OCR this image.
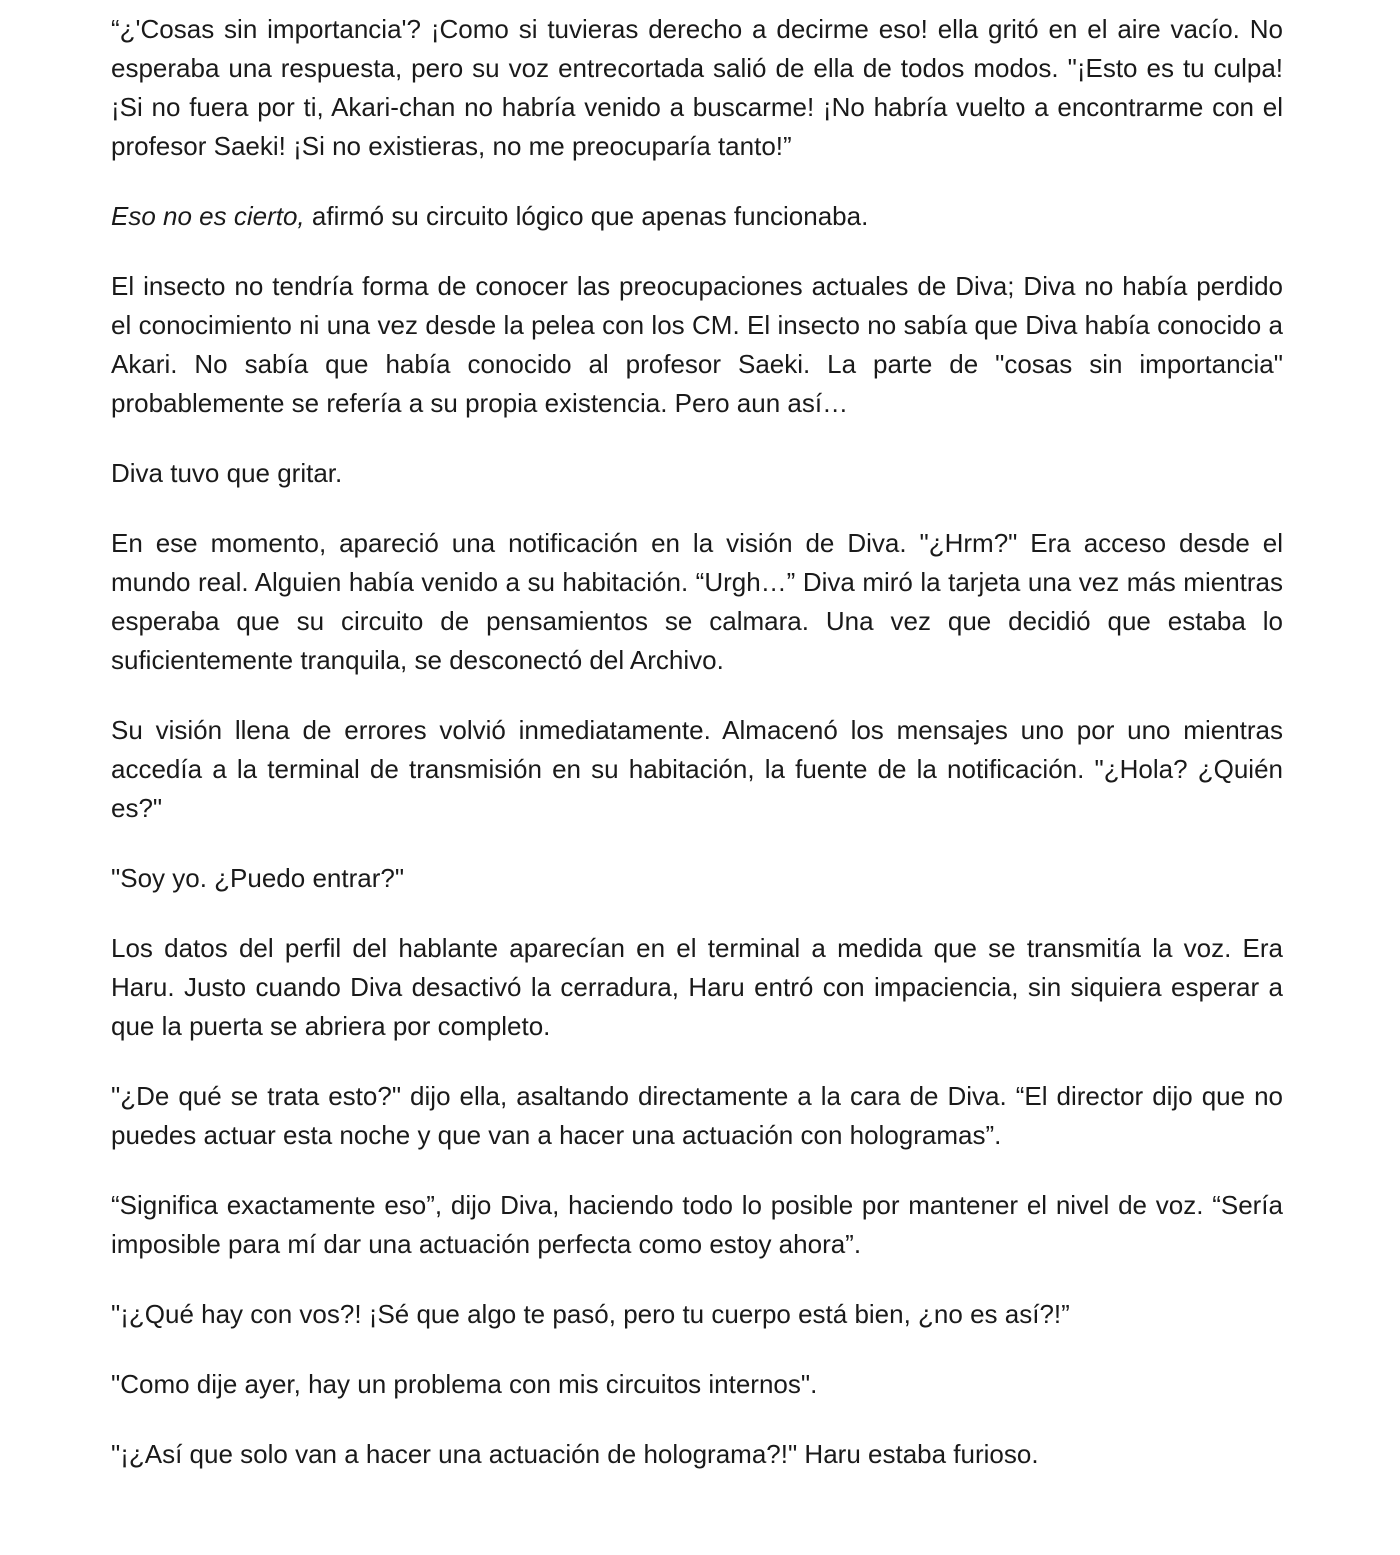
“¿'Cosas sin importancia'? ¡Como si tuvieras derecho a decirme eso! ella gritó en el aire vacío. No esperaba una respuesta, pero su voz entrecortada salió de ella de todos modos. "¡Esto es tu culpa! ¡Si no fuera por ti, Akari-chan no habría venido a buscarme! ¡No habría vuelto a encontrarme con el profesor Saeki! ¡Si no existieras, no me preocuparía tanto!”

Eso no es cierto, afirmó su circuito lógico que apenas funcionaba.

El insecto no tendría forma de conocer las preocupaciones actuales de Diva; Diva no había perdido el conocimiento ni una vez desde la pelea con los CM. El insecto no sabía que Diva había conocido a Akari. No sabía que había conocido al profesor Saeki. La parte de "cosas sin importancia" probablemente se refería a su propia existencia. Pero aun así…

Diva tuvo que gritar.

En ese momento, apareció una notificación en la visión de Diva. "¿Hrm?" Era acceso desde el mundo real. Alguien había venido a su habitación. “Urgh…” Diva miró la tarjeta una vez más mientras esperaba que su circuito de pensamientos se calmara. Una vez que decidió que estaba lo suficientemente tranquila, se desconectó del Archivo.

Su visión llena de errores volvió inmediatamente. Almacenó los mensajes uno por uno mientras accedía a la terminal de transmisión en su habitación, la fuente de la notificación. "¿Hola? ¿Quién es?"

"Soy yo. ¿Puedo entrar?"

Los datos del perfil del hablante aparecían en el terminal a medida que se transmitía la voz. Era Haru. Justo cuando Diva desactivó la cerradura, Haru entró con impaciencia, sin siquiera esperar a que la puerta se abriera por completo.

"¿De qué se trata esto?" dijo ella, asaltando directamente a la cara de Diva. “El director dijo que no puedes actuar esta noche y que van a hacer una actuación con hologramas”.

“Significa exactamente eso”, dijo Diva, haciendo todo lo posible por mantener el nivel de voz. “Sería imposible para mí dar una actuación perfecta como estoy ahora”.

"¡¿Qué hay con vos?! ¡Sé que algo te pasó, pero tu cuerpo está bien, ¿no es así?!”

"Como dije ayer, hay un problema con mis circuitos internos".

"¡¿Así que solo van a hacer una actuación de holograma?!" Haru estaba furioso.
